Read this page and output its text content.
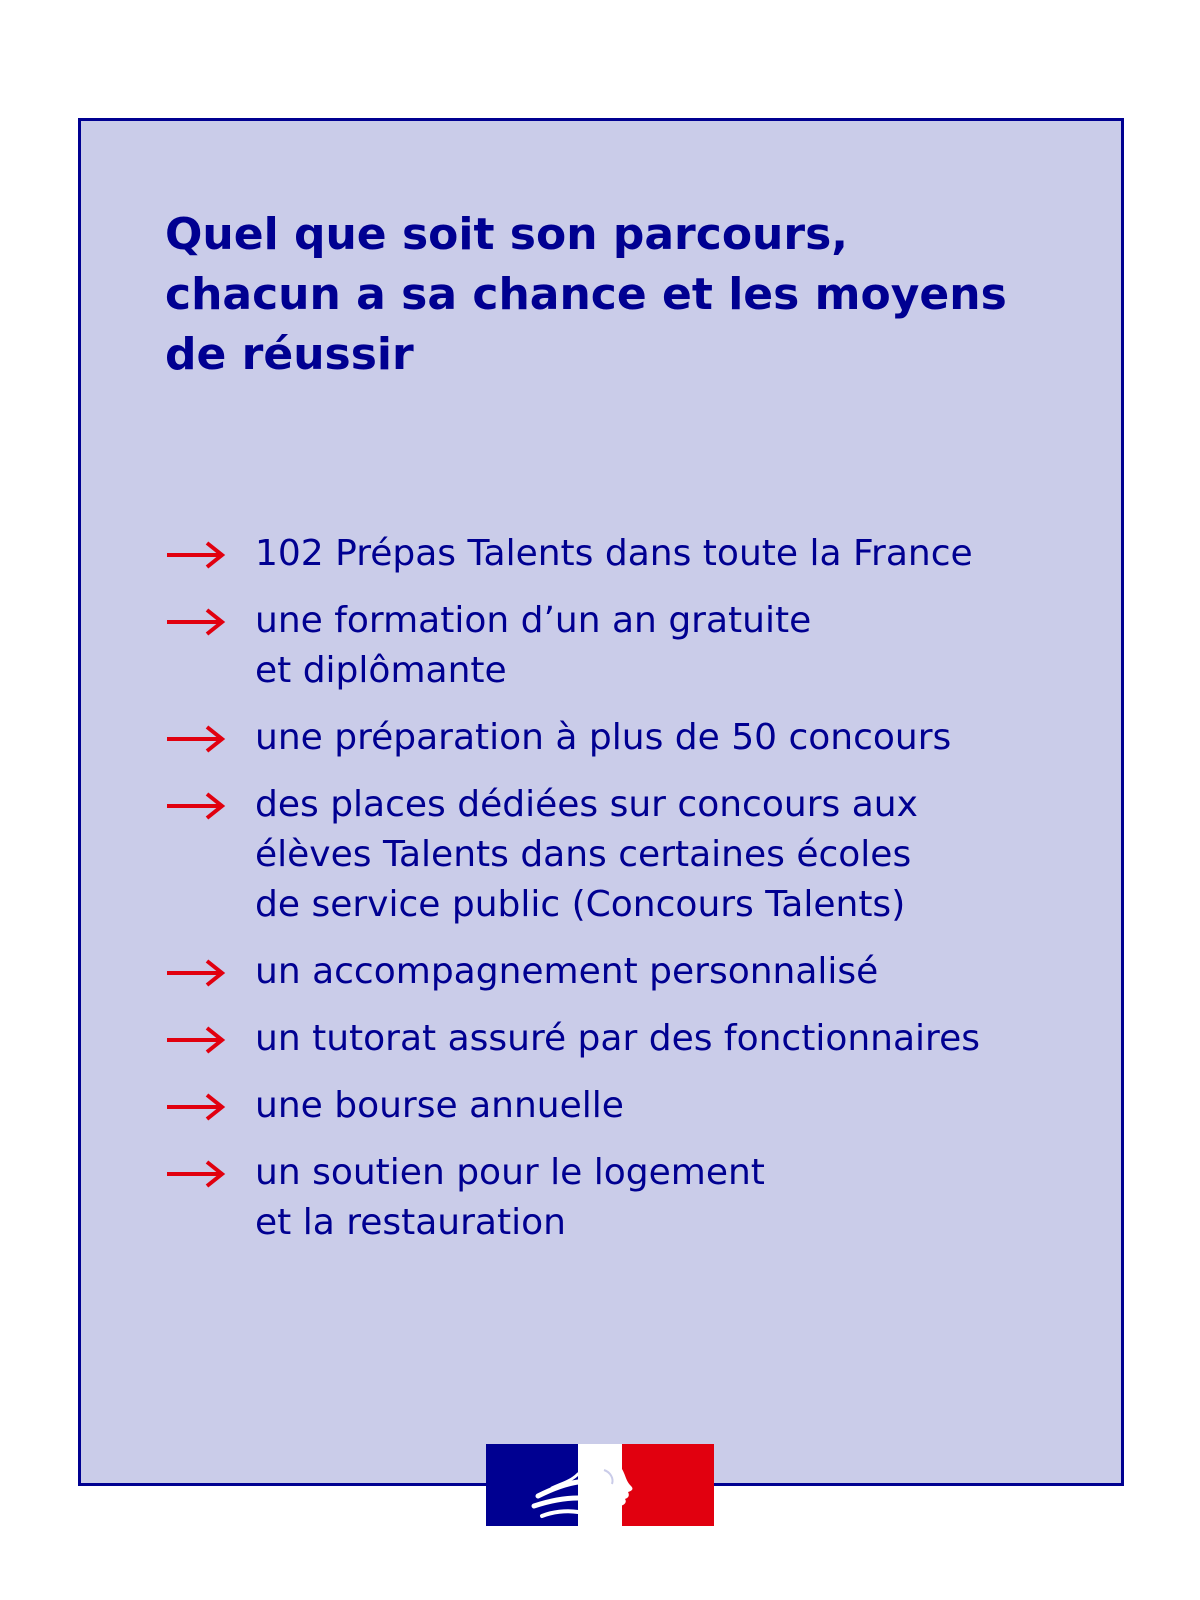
Quel que soit son parcours,
chacun a sa chance et les moyens
de réussir
102 Prépas Talents dans toute la France
une formation d’un an gratuite
et diplômante
une préparation à plus de 50 concours
des places dédiées sur concours aux
élèves Talents dans certaines écoles
de service public (Concours Talents)
un accompagnement personnalisé
un tutorat assuré par des fonctionnaires
une bourse annuelle
un soutien pour le logement
et la restauration
